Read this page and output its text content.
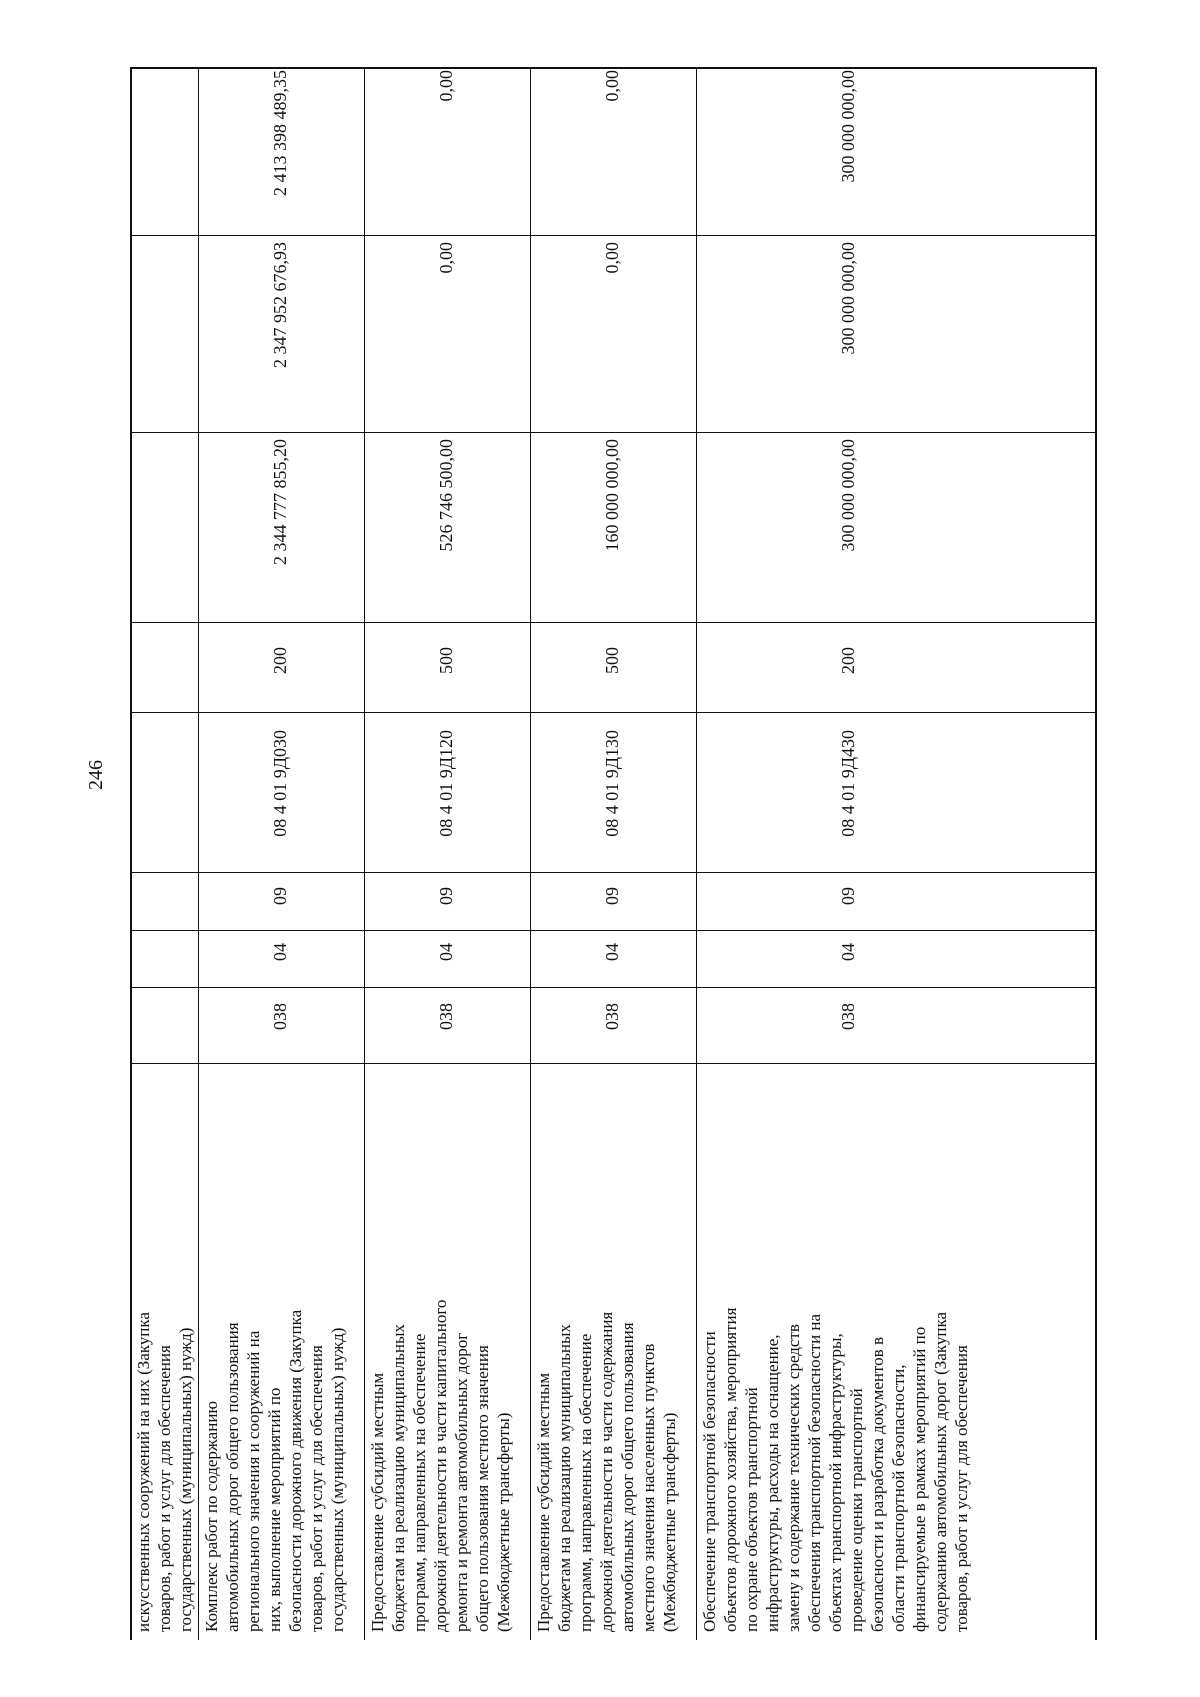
246
искусственных сооружений на них (Закупка
товаров, работ и услуг для обеспечения
государственных (муниципальных) нужд)
Комплекс работ по содержанию
автомобильных дорог общего пользования
регионального значения и сооружений на
них, выполнение мероприятий по
безопасности дорожного движения (Закупка
товаров, работ и услуг для обеспечения
государственных (муниципальных) нужд)
038
04
09
08 4 01 9Д030
200
2 344 777 855,20
2 347 952 676,93
2 413 398 489,35
Предоставление субсидий местным
бюджетам на реализацию муниципальных
программ, направленных на обеспечение
дорожной деятельности в части капитального
ремонта и ремонта автомобильных дорог
общего пользования местного значения
(Межбюджетные трансферты)
038
04
09
08 4 01 9Д120
500
526 746 500,00
0,00
0,00
Предоставление субсидий местным
бюджетам на реализацию муниципальных
программ, направленных на обеспечение
дорожной деятельности в части содержания
автомобильных дорог общего пользования
местного значения населенных пунктов
(Межбюджетные трансферты)
038
04
09
08 4 01 9Д130
500
160 000 000,00
0,00
0,00
Обеспечение транспортной безопасности
объектов дорожного хозяйства, мероприятия
по охране объектов транспортной
инфраструктуры, расходы на оснащение,
замену и содержание технических средств
обеспечения транспортной безопасности на
объектах транспортной инфраструктуры,
проведение оценки транспортной
безопасности и разработка документов в
области транспортной безопасности,
финансируемые в рамках мероприятий по
содержанию автомобильных дорог (Закупка
товаров, работ и услуг для обеспечения
038
04
09
08 4 01 9Д430
200
300 000 000,00
300 000 000,00
300 000 000,00
